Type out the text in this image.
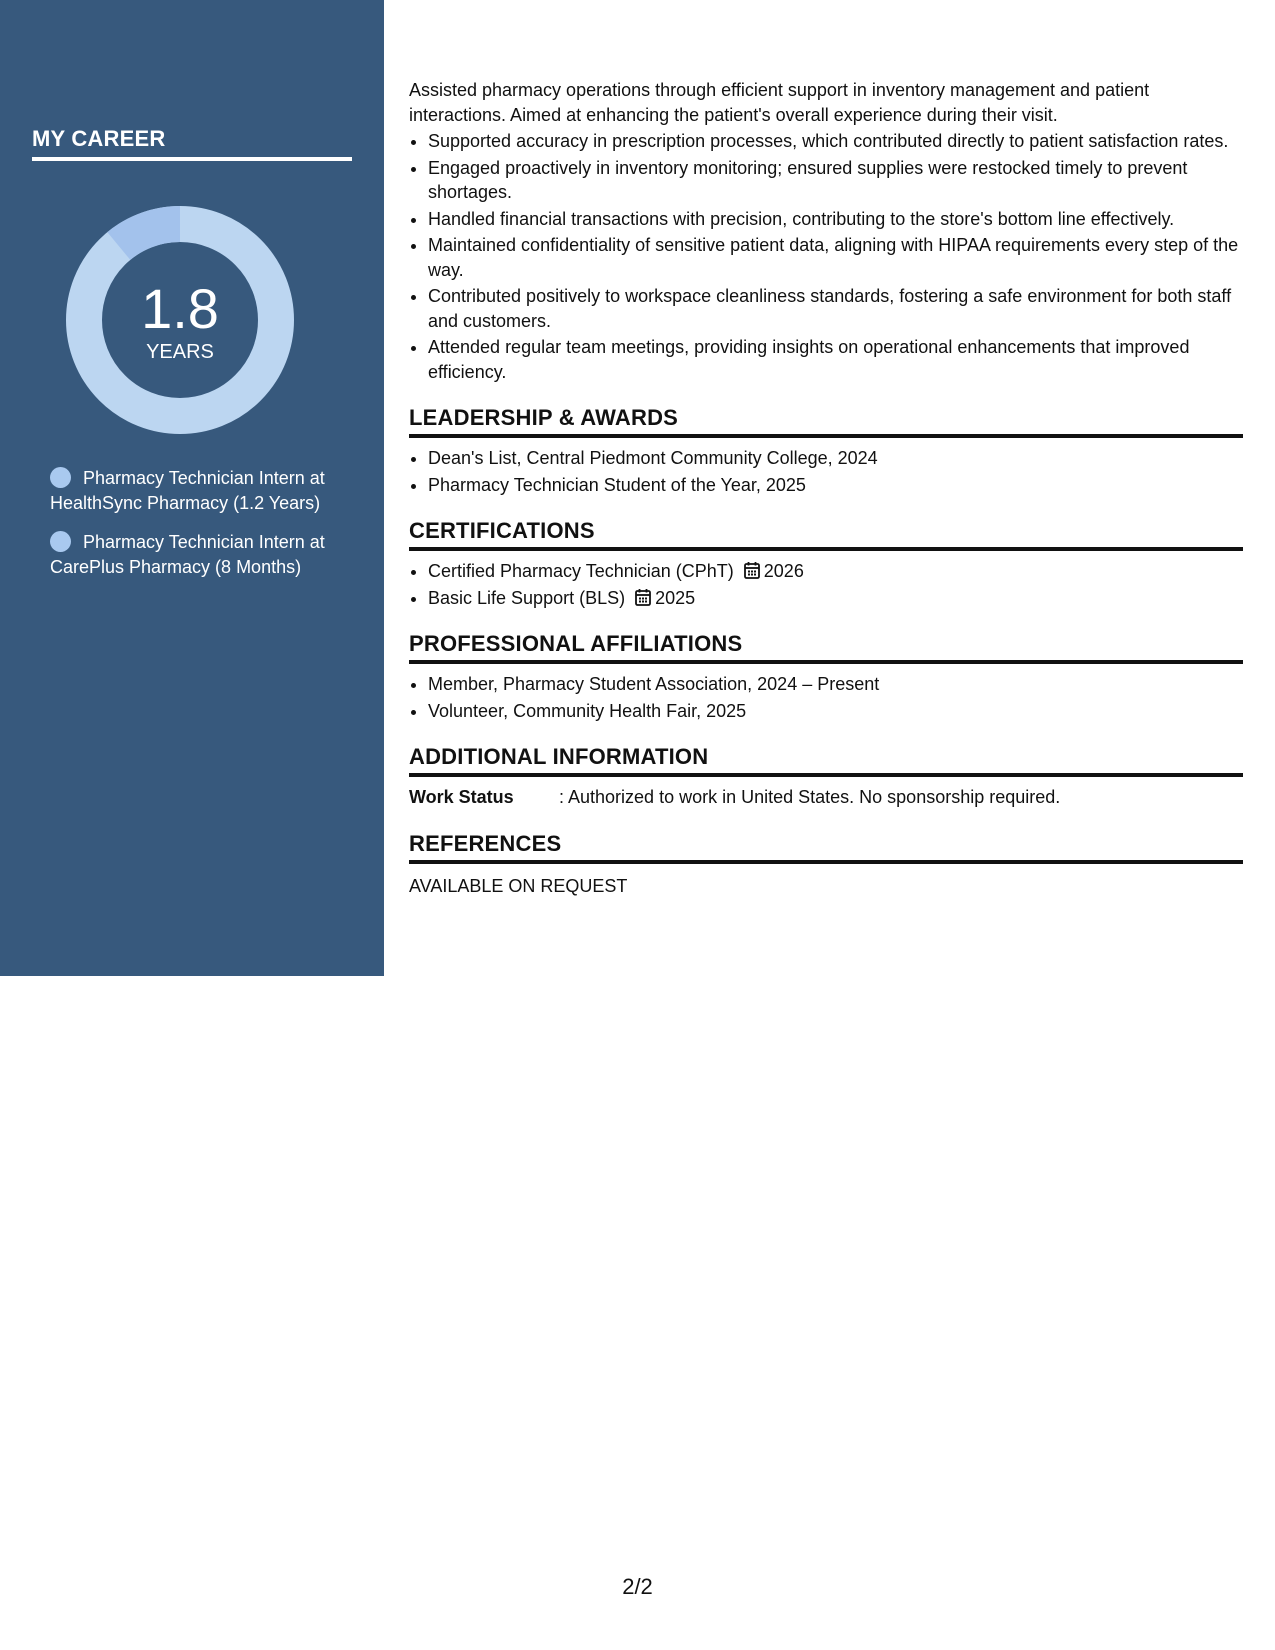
MY CAREER
1.8
YEARS
Pharmacy Technician Intern at HealthSync Pharmacy (1.2 Years)
Pharmacy Technician Intern at CarePlus Pharmacy (8 Months)

Assisted pharmacy operations through efficient support in inventory management and patient interactions. Aimed at enhancing the patient's overall experience during their visit.

• Supported accuracy in prescription processes, which contributed directly to patient satisfaction rates.
• Engaged proactively in inventory monitoring; ensured supplies were restocked timely to prevent shortages.
• Handled financial transactions with precision, contributing to the store's bottom line effectively.
• Maintained confidentiality of sensitive patient data, aligning with HIPAA requirements every step of the way.
• Contributed positively to workspace cleanliness standards, fostering a safe environment for both staff and customers.
• Attended regular team meetings, providing insights on operational enhancements that improved efficiency.
LEADERSHIP & AWARDS
• Dean's List, Central Piedmont Community College, 2024
• Pharmacy Technician Student of the Year, 2025
CERTIFICATIONS
• Certified Pharmacy Technician (CPhT) 2026
• Basic Life Support (BLS) 2025
PROFESSIONAL AFFILIATIONS
• Member, Pharmacy Student Association, 2024 – Present
• Volunteer, Community Health Fair, 2025
ADDITIONAL INFORMATION
Work Status	: Authorized to work in United States. No sponsorship required.
REFERENCES
AVAILABLE ON REQUEST
2/2
